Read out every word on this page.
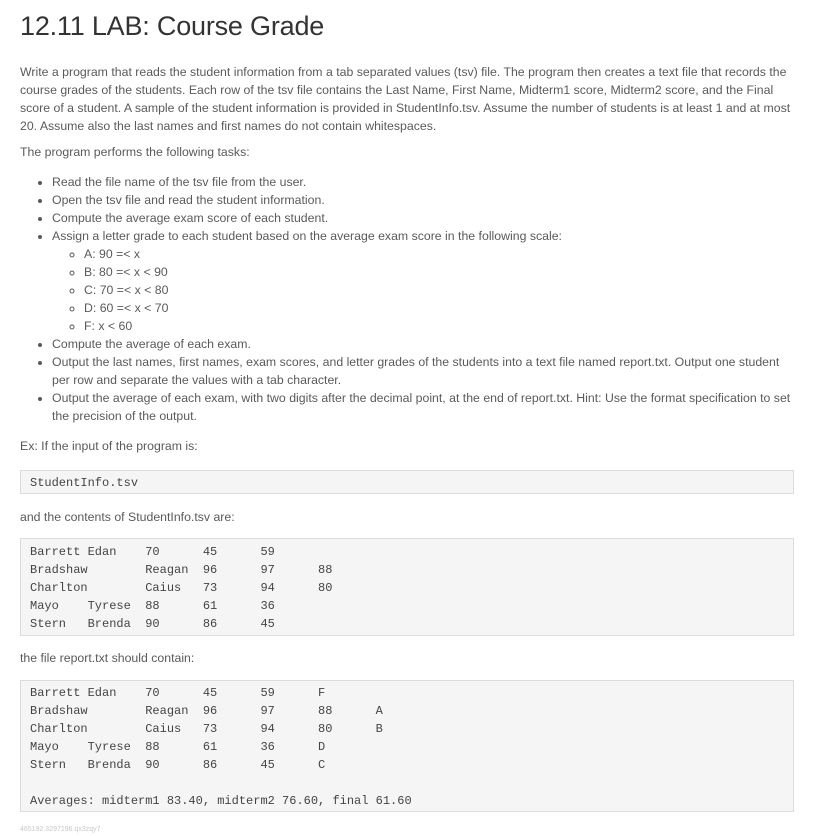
12.11 LAB: Course Grade
Write a program that reads the student information from a tab separated values (tsv) file. The program then creates a text file that records the course grades of the students. Each row of the tsv file contains the Last Name, First Name, Midterm1 score, Midterm2 score, and the Final score of a student. A sample of the student information is provided in StudentInfo.tsv. Assume the number of students is at least 1 and at most 20. Assume also the last names and first names do not contain whitespaces.
The program performs the following tasks:
• Read the file name of the tsv file from the user.
• Open the tsv file and read the student information.
• Compute the average exam score of each student.
• Assign a letter grade to each student based on the average exam score in the following scale:
◦ A: 90 =< x
◦ B: 80 =< x < 90
◦ C: 70 =< x < 80
◦ D: 60 =< x < 70
◦ F: x < 60
• Compute the average of each exam.
• Output the last names, first names, exam scores, and letter grades of the students into a text file named report.txt. Output one student per row and separate the values with a tab character.
• Output the average of each exam, with two digits after the decimal point, at the end of report.txt. Hint: Use the format specification to set the precision of the output.
Ex: If the input of the program is:
StudentInfo.tsv
and the contents of StudentInfo.tsv are:
Barrett	Edan	70	45	59
Bradshaw	Reagan	96	97	88
Charlton	Caius	73	94	80
Mayo	Tyrese	88	61	36
Stern	Brenda	90	86	45
the file report.txt should contain:
Barrett	Edan	70	45	59	F
Bradshaw	Reagan	96	97	88	A
Charlton	Caius	73	94	80	B
Mayo	Tyrese	88	61	36	D
Stern	Brenda	90	86	45	C
Averages: midterm1 83.40, midterm2 76.60, final 61.60
465192.3297196.qx3zqy7
